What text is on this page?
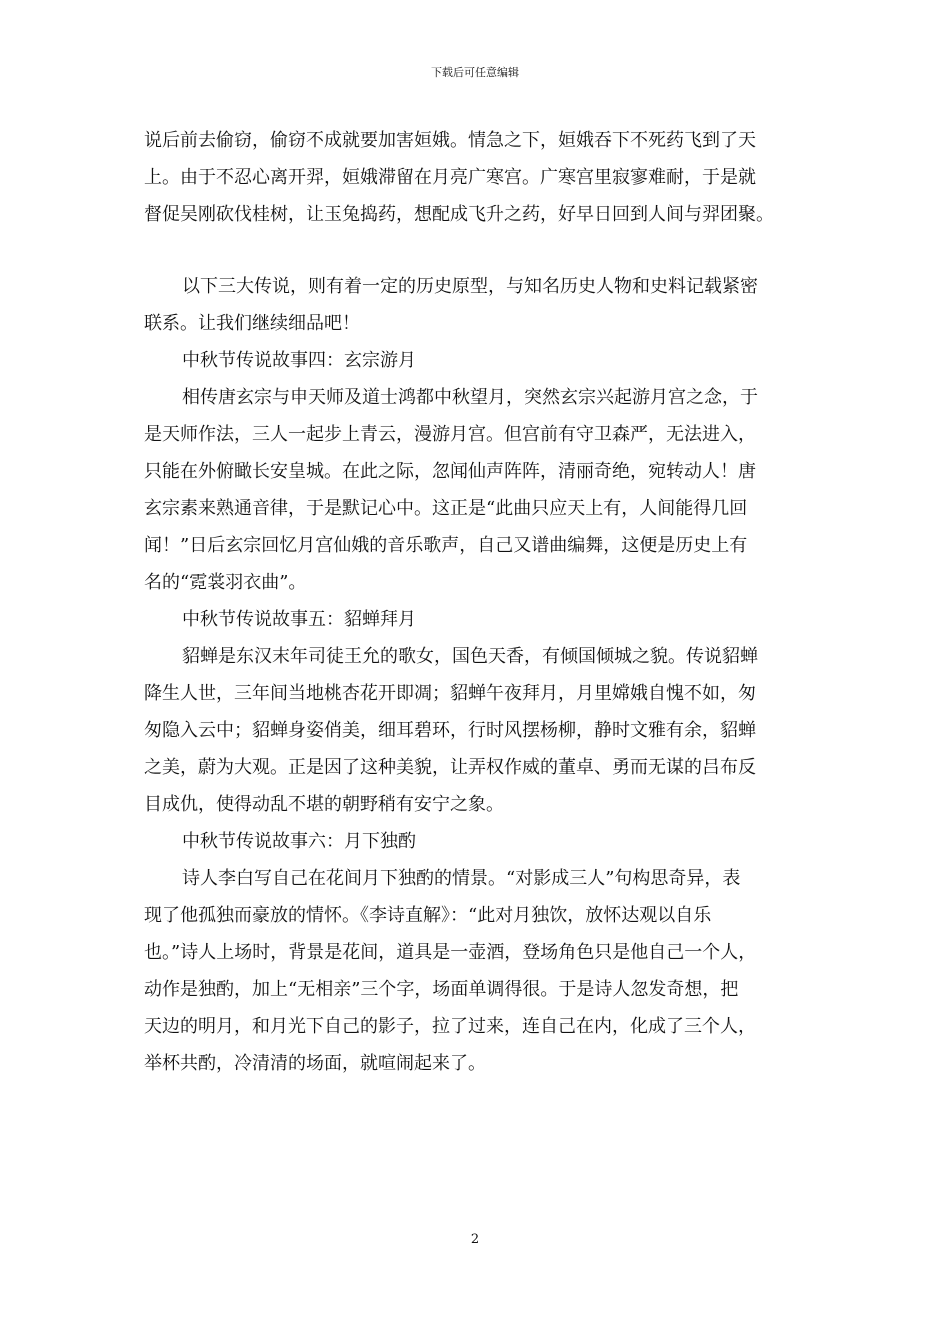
下载后可任意编辑
说后前去偷窃，偷窃不成就要加害姮娥。情急之下，姮娥吞下不死药飞到了天
上。由于不忍心离开羿，姮娥滞留在月亮广寒宫。广寒宫里寂寥难耐，于是就
督促吴刚砍伐桂树，让玉兔捣药，想配成飞升之药，好早日回到人间与羿团聚。
以下三大传说，则有着一定的历史原型，与知名历史人物和史料记载紧密
联系。让我们继续细品吧！
中秋节传说故事四：玄宗游月
相传唐玄宗与申天师及道士鸿都中秋望月，突然玄宗兴起游月宫之念，于
是天师作法，三人一起步上青云，漫游月宫。但宫前有守卫森严，无法进入，
只能在外俯瞰长安皇城。在此之际，忽闻仙声阵阵，清丽奇绝，宛转动人！唐
玄宗素来熟通音律，于是默记心中。这正是“此曲只应天上有，人间能得几回
闻！”日后玄宗回忆月宫仙娥的音乐歌声，自己又谱曲编舞，这便是历史上有
名的“霓裳羽衣曲”。
中秋节传说故事五：貂蝉拜月
貂蝉是东汉末年司徒王允的歌女，国色天香，有倾国倾城之貌。传说貂蝉
降生人世，三年间当地桃杏花开即凋；貂蝉午夜拜月，月里嫦娥自愧不如，匆
匆隐入云中；貂蝉身姿俏美，细耳碧环，行时风摆杨柳，静时文雅有余，貂蝉
之美，蔚为大观。正是因了这种美貌，让弄权作威的董卓、勇而无谋的吕布反
目成仇，使得动乱不堪的朝野稍有安宁之象。
中秋节传说故事六：月下独酌
诗人李白写自己在花间月下独酌的情景。“对影成三人”句构思奇异，表
现了他孤独而豪放的情怀。《李诗直解》：“此对月独饮，放怀达观以自乐
也。”诗人上场时，背景是花间，道具是一壶酒，登场角色只是他自己一个人，
动作是独酌，加上“无相亲”三个字，场面单调得很。于是诗人忽发奇想，把
天边的明月，和月光下自己的影子，拉了过来，连自己在内，化成了三个人，
举杯共酌，冷清清的场面，就喧闹起来了。
2
